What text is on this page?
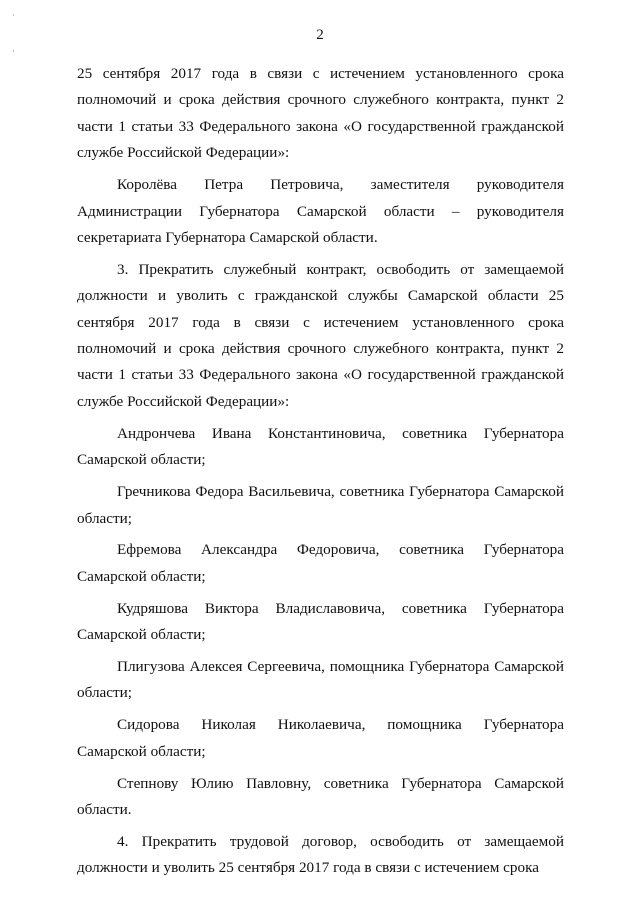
2
·
·

25 сентября 2017 года в связи с истечением установленного срока полномочий и срока действия срочного служебного контракта, пункт 2 части 1 статьи 33 Федерального закона «О государственной гражданской службе Российской Федерации»:

Королёва Петра Петровича, заместителя руководителя Администрации Губернатора Самарской области – руководителя секретариата Губернатора Самарской области.

3. Прекратить служебный контракт, освободить от замещаемой должности и уволить с гражданской службы Самарской области 25 сентября 2017 года в связи с истечением установленного срока полномочий и срока действия срочного служебного контракта, пункт 2 части 1 статьи 33 Федерального закона «О государственной гражданской службе Российской Федерации»:

Андрончева Ивана Константиновича, советника Губернатора Самарской области;

Гречникова Федора Васильевича, советника Губернатора Самарской области;

Ефремова Александра Федоровича, советника Губернатора Самарской области;

Кудряшова Виктора Владиславовича, советника Губернатора Самарской области;

Плигузова Алексея Сергеевича, помощника Губернатора Самарской области;

Сидорова Николая Николаевича, помощника Губернатора Самарской области;

Степнову Юлию Павловну, советника Губернатора Самарской области.

4. Прекратить трудовой договор, освободить от замещаемой должности и уволить 25 сентября 2017 года в связи с истечением срока
